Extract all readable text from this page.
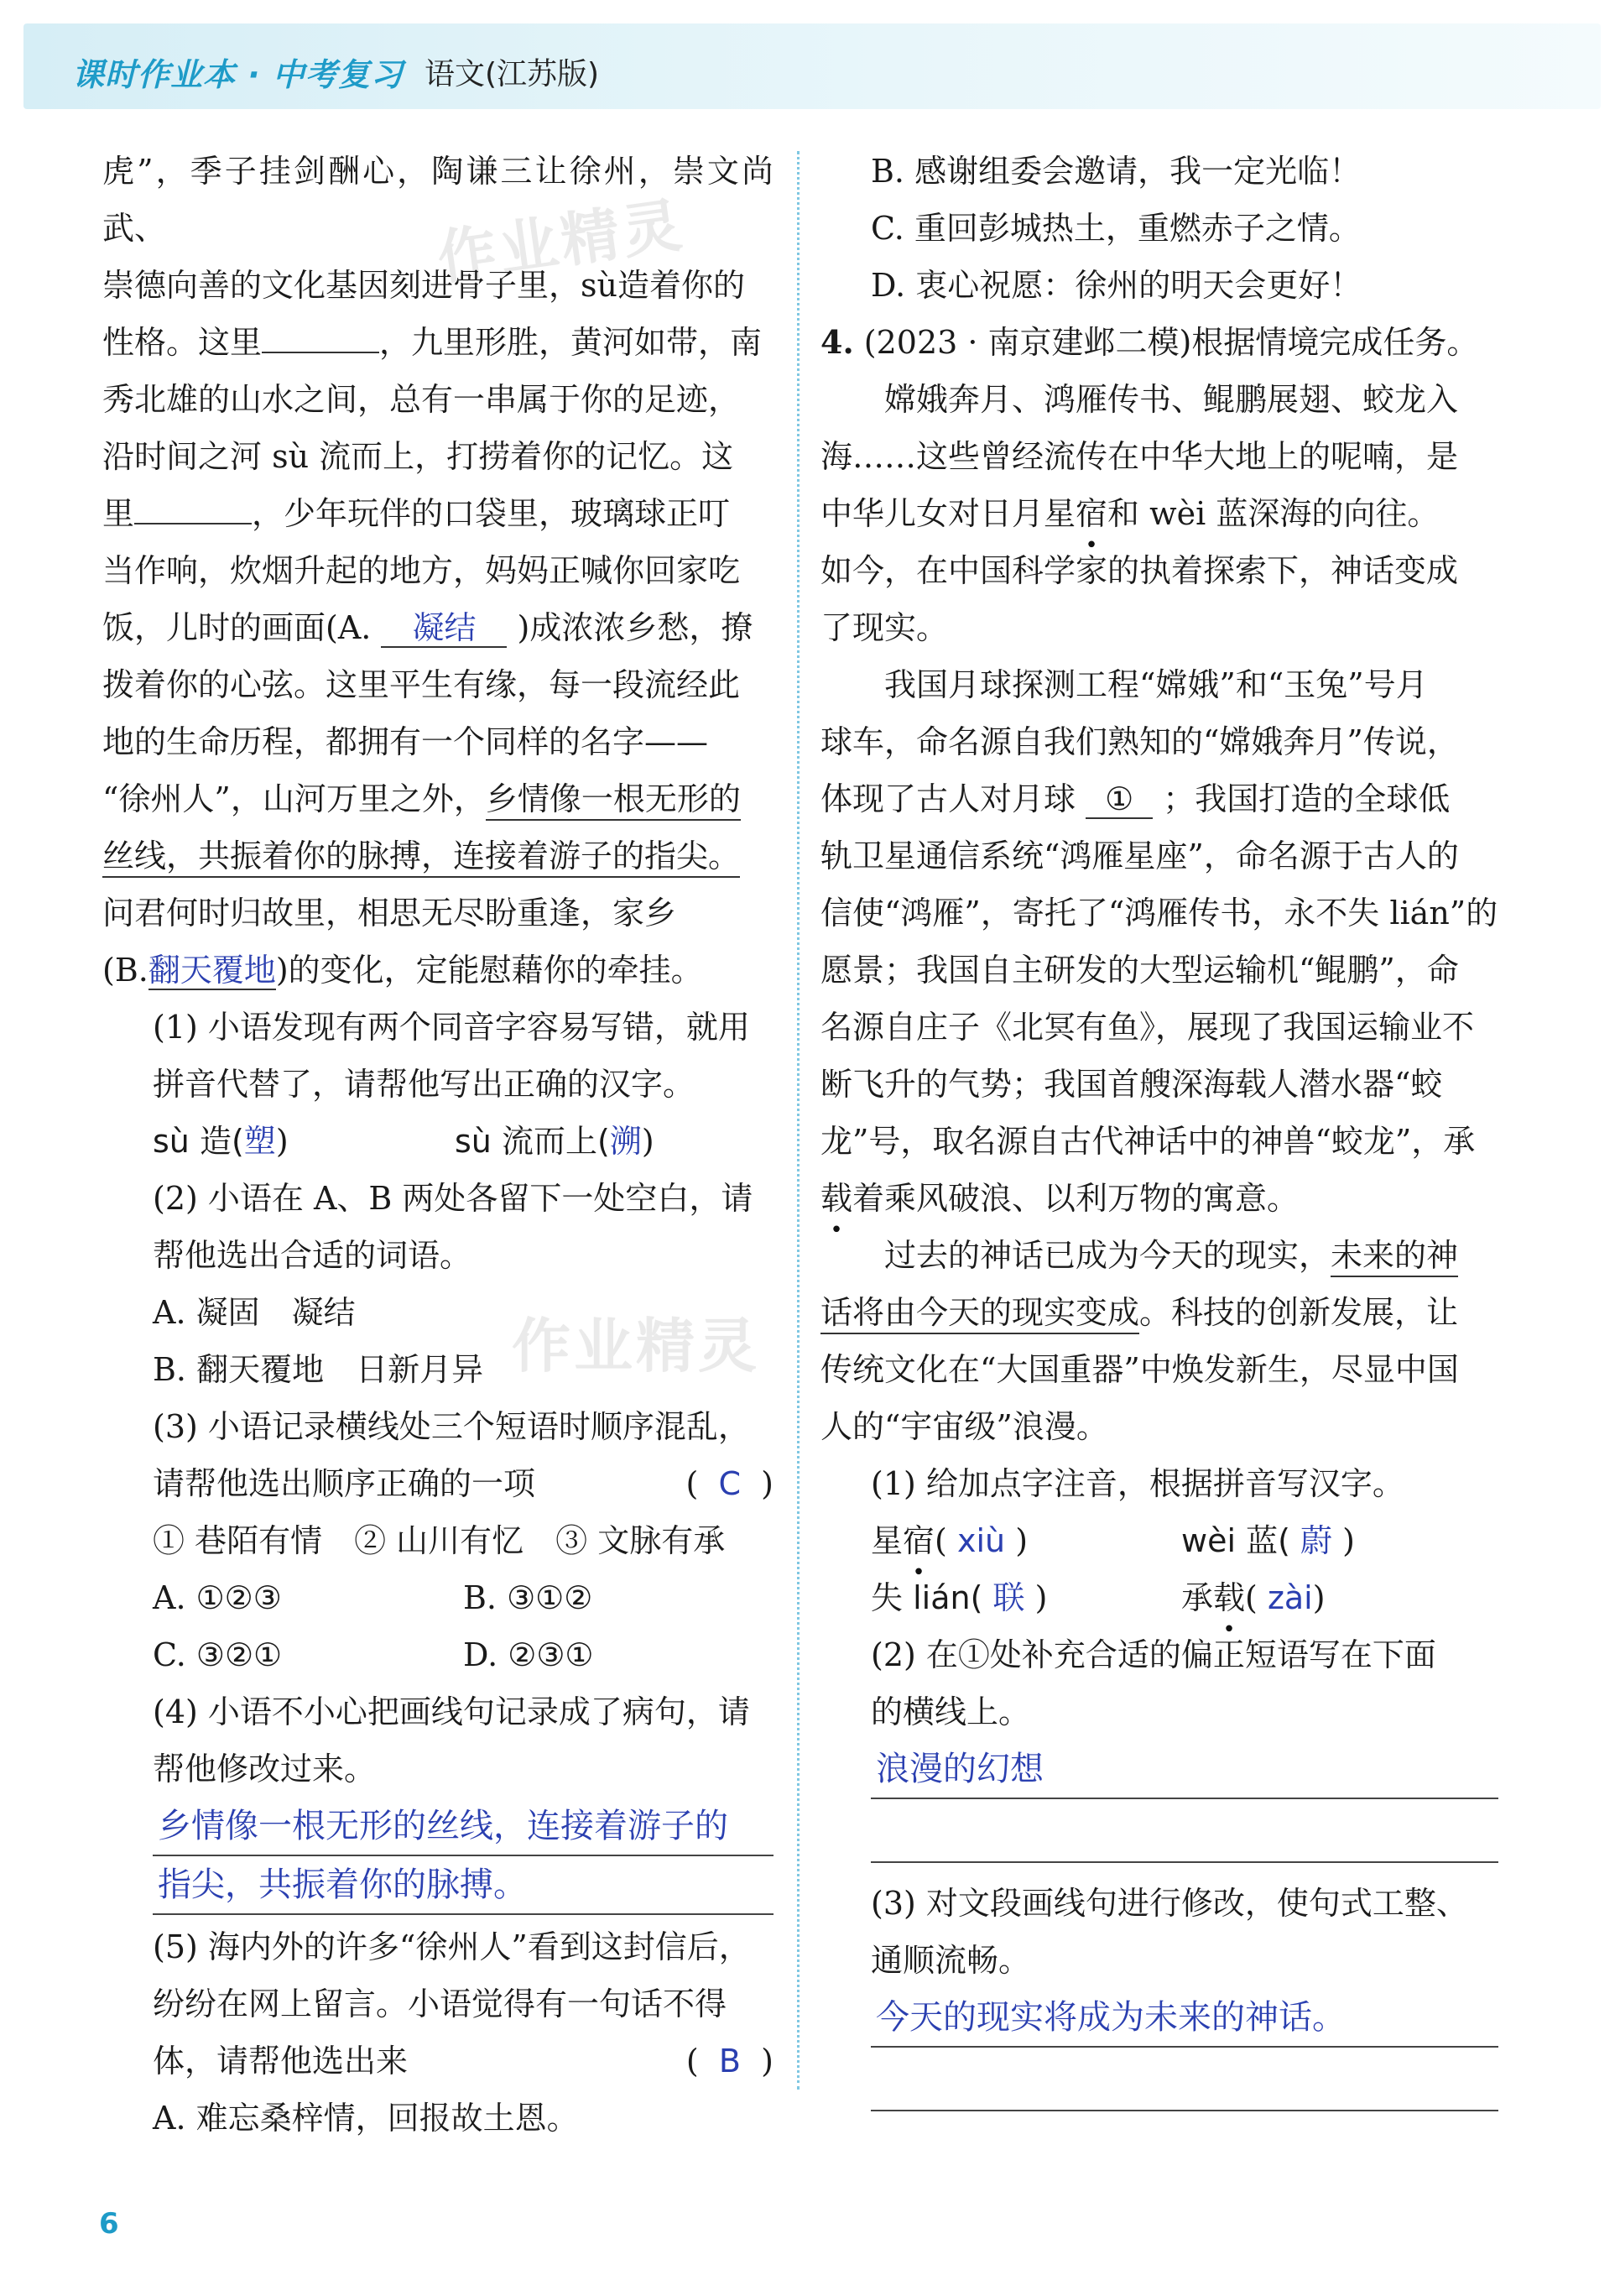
课时作业本 · 中考复习 语文(江苏版)
作业精灵
作业精灵

虎”，季子挂剑酬心，陶谦三让徐州，崇文尚武、

崇德向善的文化基因刻进骨子里，sù造着你的

性格。这里	，九里形胜，黄河如带，南

秀北雄的山水之间，总有一串属于你的足迹，

沿时间之河 sù 流而上，打捞着你的记忆。这

里	，少年玩伴的口袋里，玻璃球正叮

当作响，炊烟升起的地方，妈妈正喊你回家吃

饭，儿时的画面(A. 凝结 )成浓浓乡愁，撩

拨着你的心弦。这里平生有缘，每一段流经此

地的生命历程，都拥有一个同样的名字——

“徐州人”，山河万里之外，乡情像一根无形的

丝线，共振着你的脉搏，连接着游子的指尖。

问君何时归故里，相思无尽盼重逢，家乡

(B.翻天覆地)的变化，定能慰藉你的牵挂。

(1) 小语发现有两个同音字容易写错，就用

拼音代替了，请帮他写出正确的汉字。

sù 造(塑)	sù 流而上(溯)

(2) 小语在 A、B 两处各留下一处空白，请

帮他选出合适的词语。

A. 凝固　凝结

B. 翻天覆地　日新月异

(3) 小语记录横线处三个短语时顺序混乱，

请帮他选出顺序正确的一项	( C )

① 巷陌有情　② 山川有忆　③ 文脉有承

A. ①②③	B. ③①②
C. ③②①	D. ②③①

(4) 小语不小心把画线句记录成了病句，请

帮他修改过来。

乡情像一根无形的丝线，连接着游子的
指尖，共振着你的脉搏。

(5) 海内外的许多“徐州人”看到这封信后，

纷纷在网上留言。小语觉得有一句话不得

体，请帮他选出来	( B )

A. 难忘桑梓情，回报故土恩。

B. 感谢组委会邀请，我一定光临！

C. 重回彭城热土，重燃赤子之情。

D. 衷心祝愿：徐州的明天会更好！

4. (2023 · 南京建邺二模)根据情境完成任务。

嫦娥奔月、鸿雁传书、鲲鹏展翅、蛟龙入

海……这些曾经流传在中华大地上的呢喃，是

中华儿女对日月星宿和 wèi 蓝深海的向往。

如今，在中国科学家的执着探索下，神话变成

了现实。

我国月球探测工程“嫦娥”和“玉兔”号月

球车，命名源自我们熟知的“嫦娥奔月”传说，

体现了古人对月球 ① ；我国打造的全球低

轨卫星通信系统“鸿雁星座”，命名源于古人的

信使“鸿雁”，寄托了“鸿雁传书，永不失 lián”的

愿景；我国自主研发的大型运输机“鲲鹏”，命

名源自庄子《北冥有鱼》，展现了我国运输业不

断飞升的气势；我国首艘深海载人潜水器“蛟

龙”号，取名源自古代神话中的神兽“蛟龙”，承

载着乘风破浪、以利万物的寓意。

过去的神话已成为今天的现实，未来的神

话将由今天的现实变成。科技的创新发展，让

传统文化在“大国重器”中焕发新生，尽显中国

人的“宇宙级”浪漫。

(1) 给加点字注音，根据拼音写汉字。

星宿( xiù )	wèi 蓝( 蔚 )
失 lián( 联 )	承载( zài)

(2) 在①处补充合适的偏正短语写在下面

的横线上。

浪漫的幻想

(3) 对文段画线句进行修改，使句式工整、

通顺流畅。

今天的现实将成为未来的神话。
6
